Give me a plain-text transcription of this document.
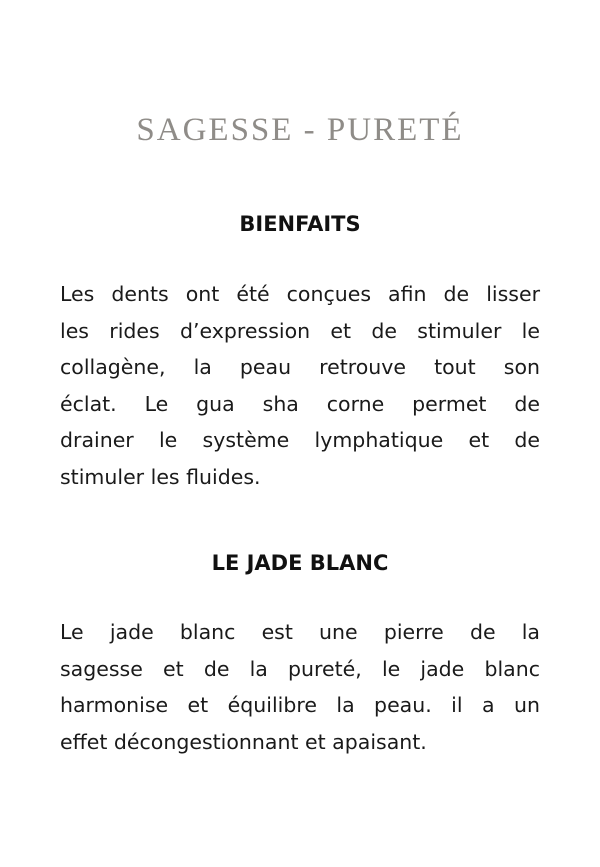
SAGESSE - PURETÉ
BIENFAITS
Les dents ont été conçues afin de lisser
les rides d’expression et de stimuler le
collagène, la peau retrouve tout son
éclat. Le gua sha corne permet de
drainer le système lymphatique et de
stimuler les fluides.
LE JADE BLANC
Le jade blanc est une pierre de la
sagesse et de la pureté, le jade blanc
harmonise et équilibre la peau. il a un
effet décongestionnant et apaisant.
